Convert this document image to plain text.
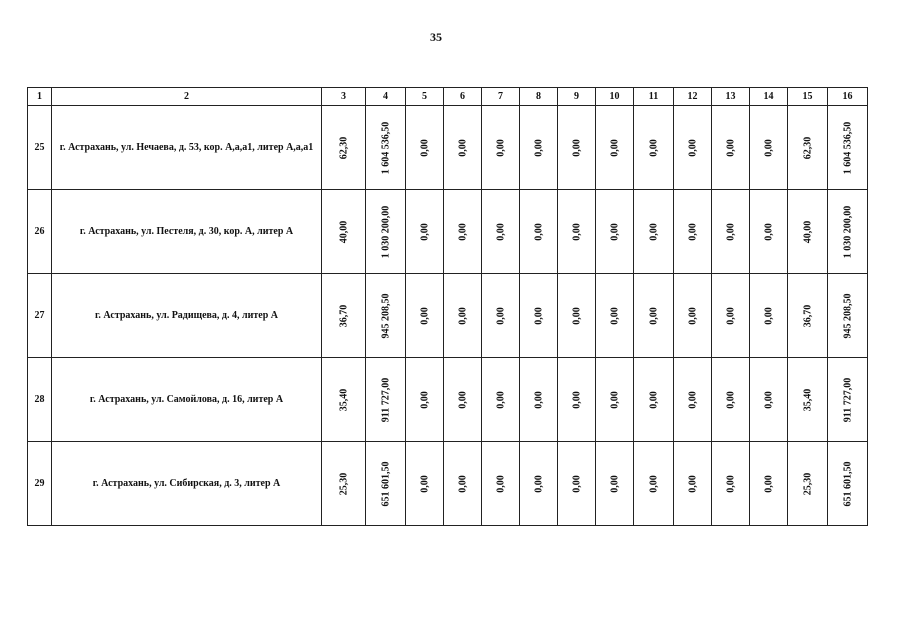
35
1	2	3	4	5	6	7	8	9	10	11	12	13	14	15	16
25	г. Астрахань, ул. Нечаева, д. 53, кор. А,а,а1, литер А,а,а1	62,30	1 604 536,50	0,00	0,00	0,00	0,00	0,00	0,00	0,00	0,00	0,00	0,00	62,30	1 604 536,50

26	г. Астрахань, ул. Пестеля, д. 30, кор. А, литер А	40,00	1 030 200,00	0,00	0,00	0,00	0,00	0,00	0,00	0,00	0,00	0,00	0,00	40,00	1 030 200,00

27	г. Астрахань, ул. Радищева, д. 4, литер А	36,70	945 208,50	0,00	0,00	0,00	0,00	0,00	0,00	0,00	0,00	0,00	0,00	36,70	945 208,50

28	г. Астрахань, ул. Самойлова, д. 16, литер А	35,40	911 727,00	0,00	0,00	0,00	0,00	0,00	0,00	0,00	0,00	0,00	0,00	35,40	911 727,00

29	г. Астрахань, ул. Сибирская, д. 3, литер А	25,30	651 601,50	0,00	0,00	0,00	0,00	0,00	0,00	0,00	0,00	0,00	0,00	25,30	651 601,50
